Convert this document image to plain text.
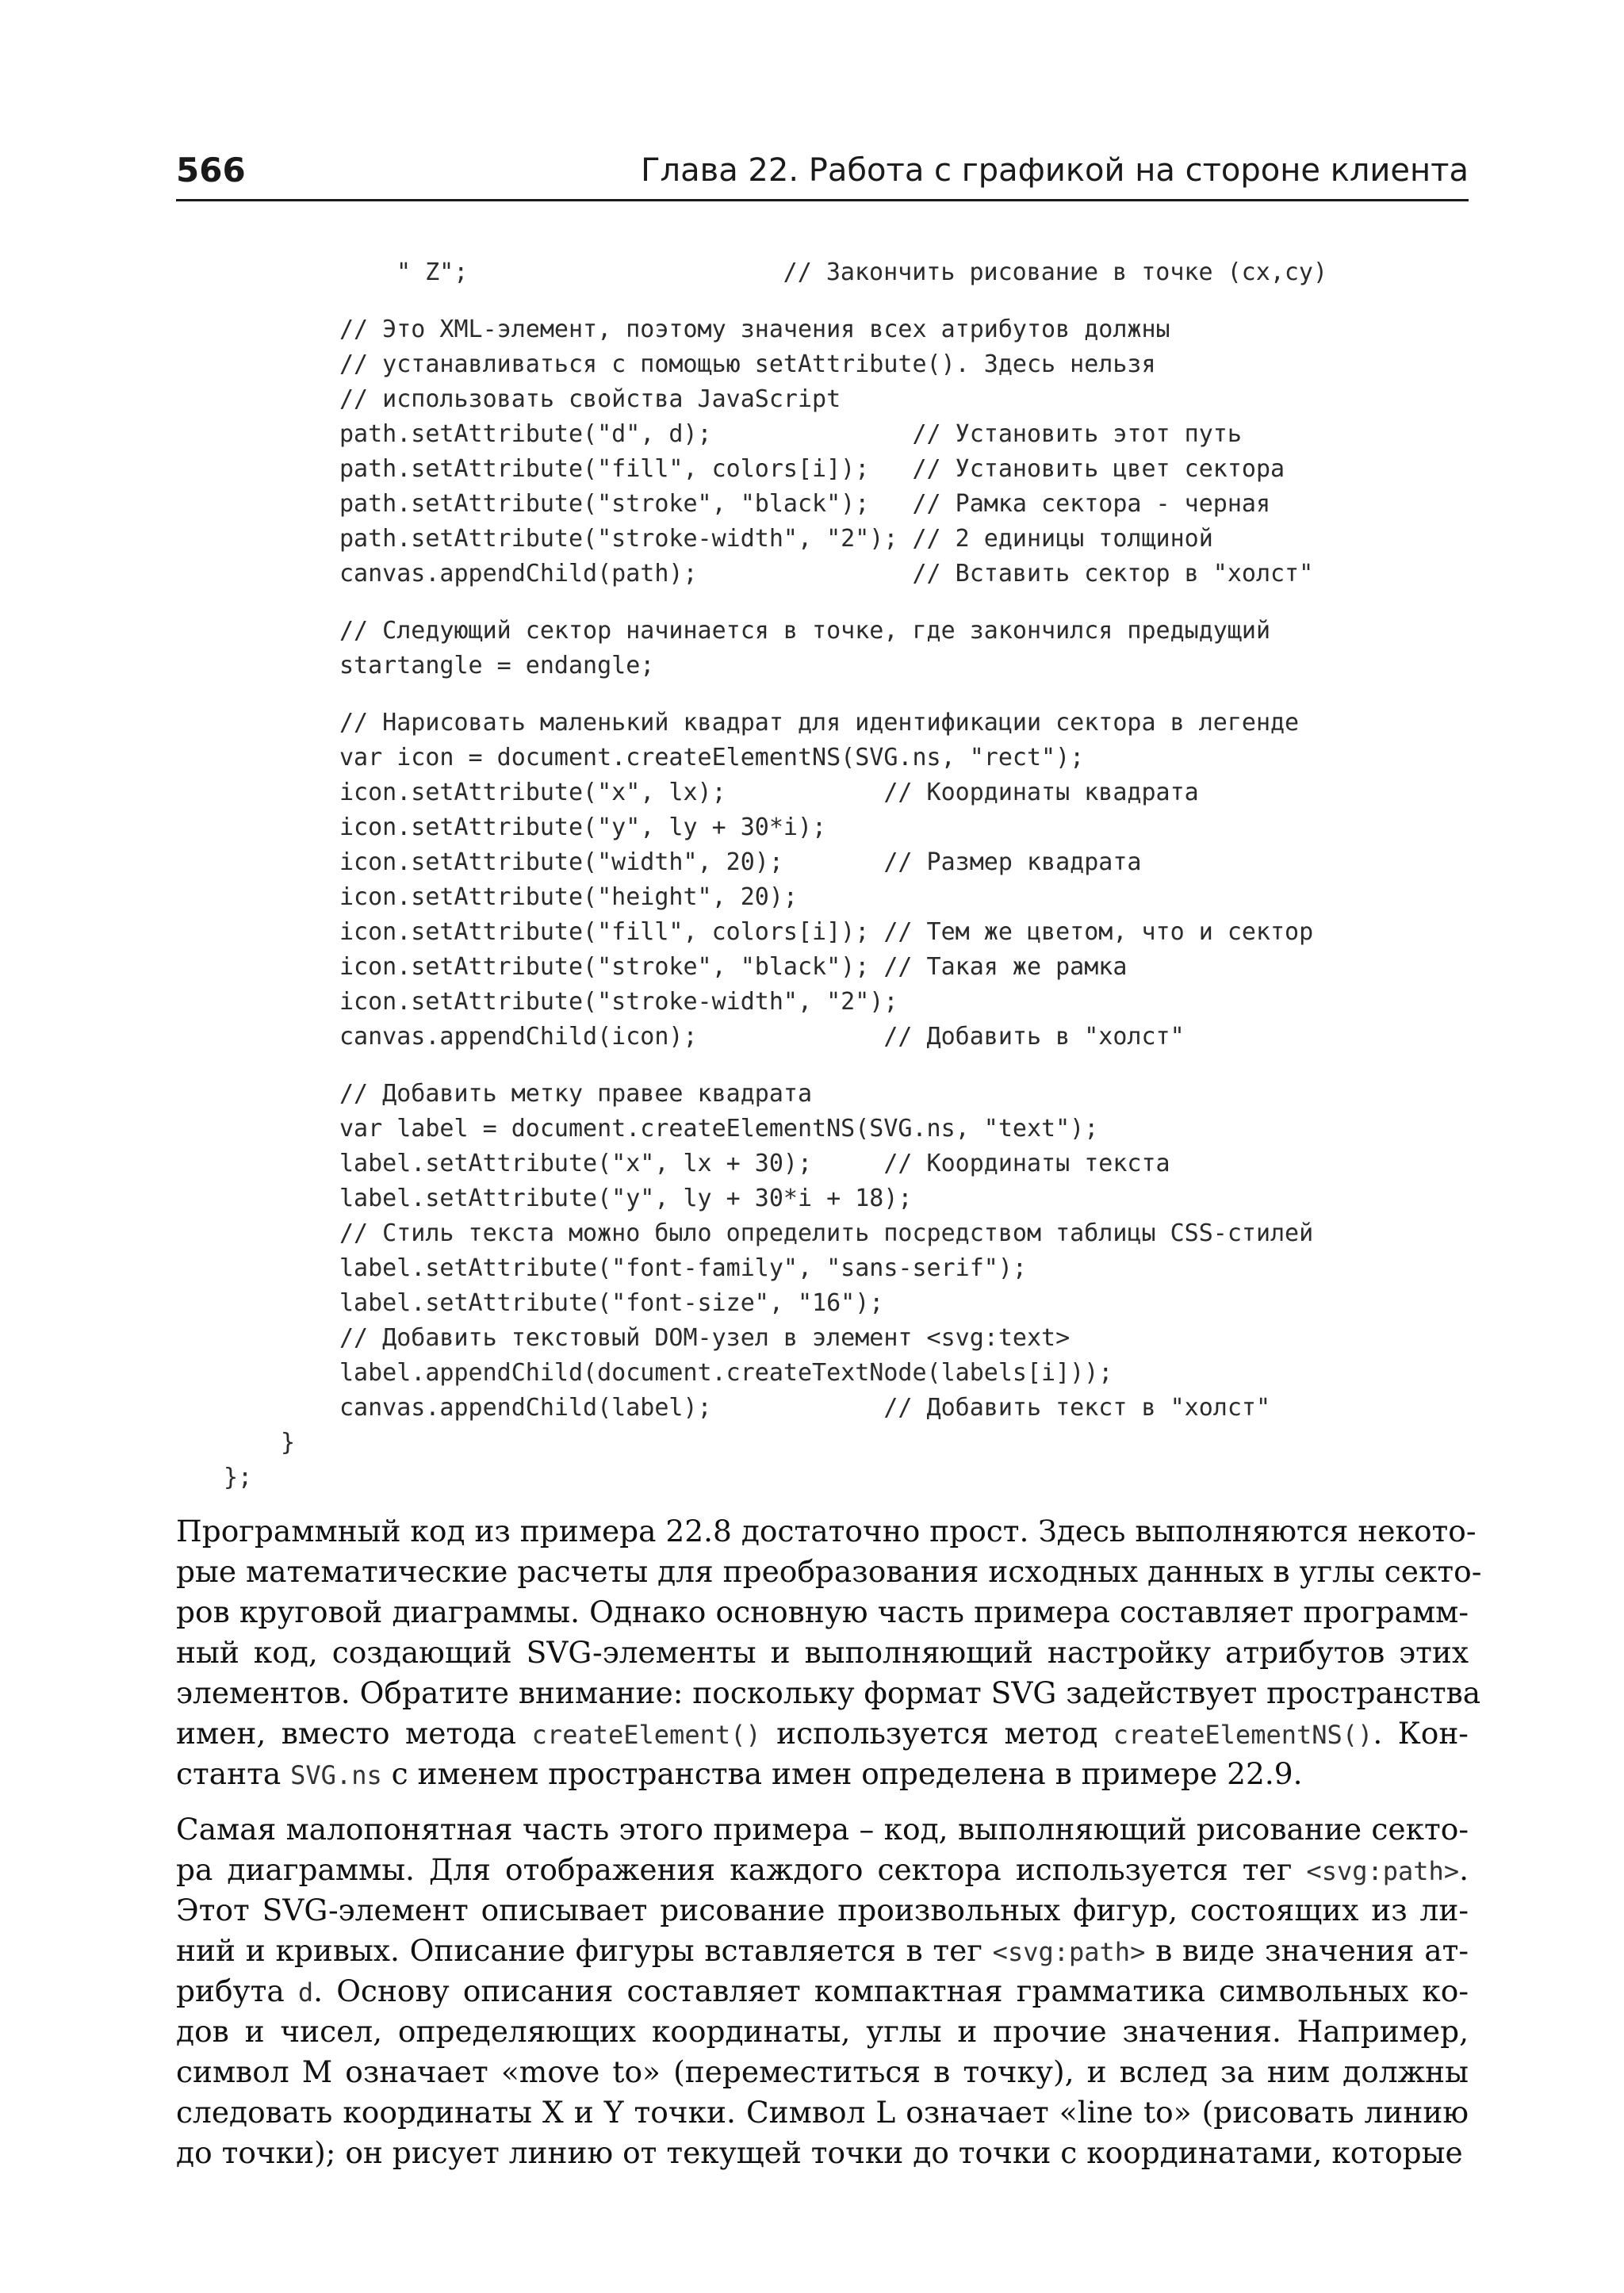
566	Глава 22. Работа с графикой на стороне клиента
" Z";                      // Закончить рисование в точке (cx,cy)
// Это XML-элемент, поэтому значения всех атрибутов должны
// устанавливаться с помощью setAttribute(). Здесь нельзя
// использовать свойства JavaScript
path.setAttribute("d", d);              // Установить этот путь
path.setAttribute("fill", colors[i]);   // Установить цвет сектора
path.setAttribute("stroke", "black");   // Рамка сектора - черная
path.setAttribute("stroke-width", "2"); // 2 единицы толщиной
canvas.appendChild(path);               // Вставить сектор в "холст"
// Следующий сектор начинается в точке, где закончился предыдущий
startangle = endangle;
// Нарисовать маленький квадрат для идентификации сектора в легенде
var icon = document.createElementNS(SVG.ns, "rect");
icon.setAttribute("x", lx);           // Координаты квадрата
icon.setAttribute("y", ly + 30*i);
icon.setAttribute("width", 20);       // Размер квадрата
icon.setAttribute("height", 20);
icon.setAttribute("fill", colors[i]); // Тем же цветом, что и сектор
icon.setAttribute("stroke", "black"); // Такая же рамка
icon.setAttribute("stroke-width", "2");
canvas.appendChild(icon);             // Добавить в "холст"
// Добавить метку правее квадрата
var label = document.createElementNS(SVG.ns, "text");
label.setAttribute("x", lx + 30);     // Координаты текста
label.setAttribute("y", ly + 30*i + 18);
// Стиль текста можно было определить посредством таблицы CSS-стилей
label.setAttribute("font-family", "sans-serif");
label.setAttribute("font-size", "16");
// Добавить текстовый DOM-узел в элемент <svg:text>
label.appendChild(document.createTextNode(labels[i]));
canvas.appendChild(label);            // Добавить текст в "холст"
}
};
Программный код из примера 22.8 достаточно прост. Здесь выполняются некото-
рые математические расчеты для преобразования исходных данных в углы секто-
ров круговой диаграммы. Однако основную часть примера составляет программ-
ный код, создающий SVG-элементы и выполняющий настройку атрибутов этих
элементов. Обратите внимание: поскольку формат SVG задействует пространства
имен, вместо метода createElement() используется метод createElementNS(). Кон-
станта SVG.ns с именем пространства имен определена в примере 22.9.
Самая малопонятная часть этого примера – код, выполняющий рисование секто-
ра диаграммы. Для отображения каждого сектора используется тег <svg:path>.
Этот SVG-элемент описывает рисование произвольных фигур, состоящих из ли-
ний и кривых. Описание фигуры вставляется в тег <svg:path> в виде значения ат-
рибута d. Основу описания составляет компактная грамматика символьных ко-
дов и чисел, определяющих координаты, углы и прочие значения. Например,
символ M означает «move to» (переместиться в точку), и вслед за ним должны
следовать координаты X и Y точки. Символ L означает «line to» (рисовать линию
до точки); он рисует линию от текущей точки до точки с координатами, которые
